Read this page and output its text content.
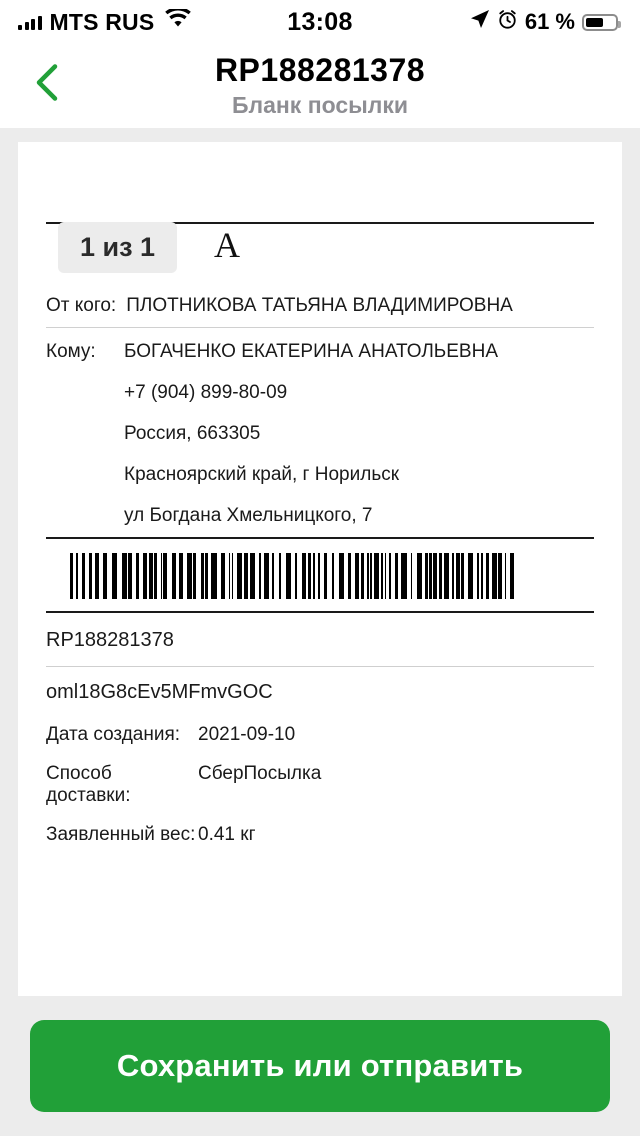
MTS RUS	13:08	61 %
RP188281378
Бланк посылки
1 из 1	A
От кого: ПЛОТНИКОВА ТАТЬЯНА ВЛАДИМИРОВНА
Кому:	БОГАЧЕНКО ЕКАТЕРИНА АНАТОЛЬЕВНА
+7 (904) 899-80-09
Россия, 663305
Красноярский край, г Норильск
ул Богдана Хмельницкого, 7
RP188281378
oml18G8cEv5MFmvGOC
Дата создания: 2021-09-10
Способ доставки:
СберПосылка
Заявленный вес: 0.41 кг
Сохранить или отправить
